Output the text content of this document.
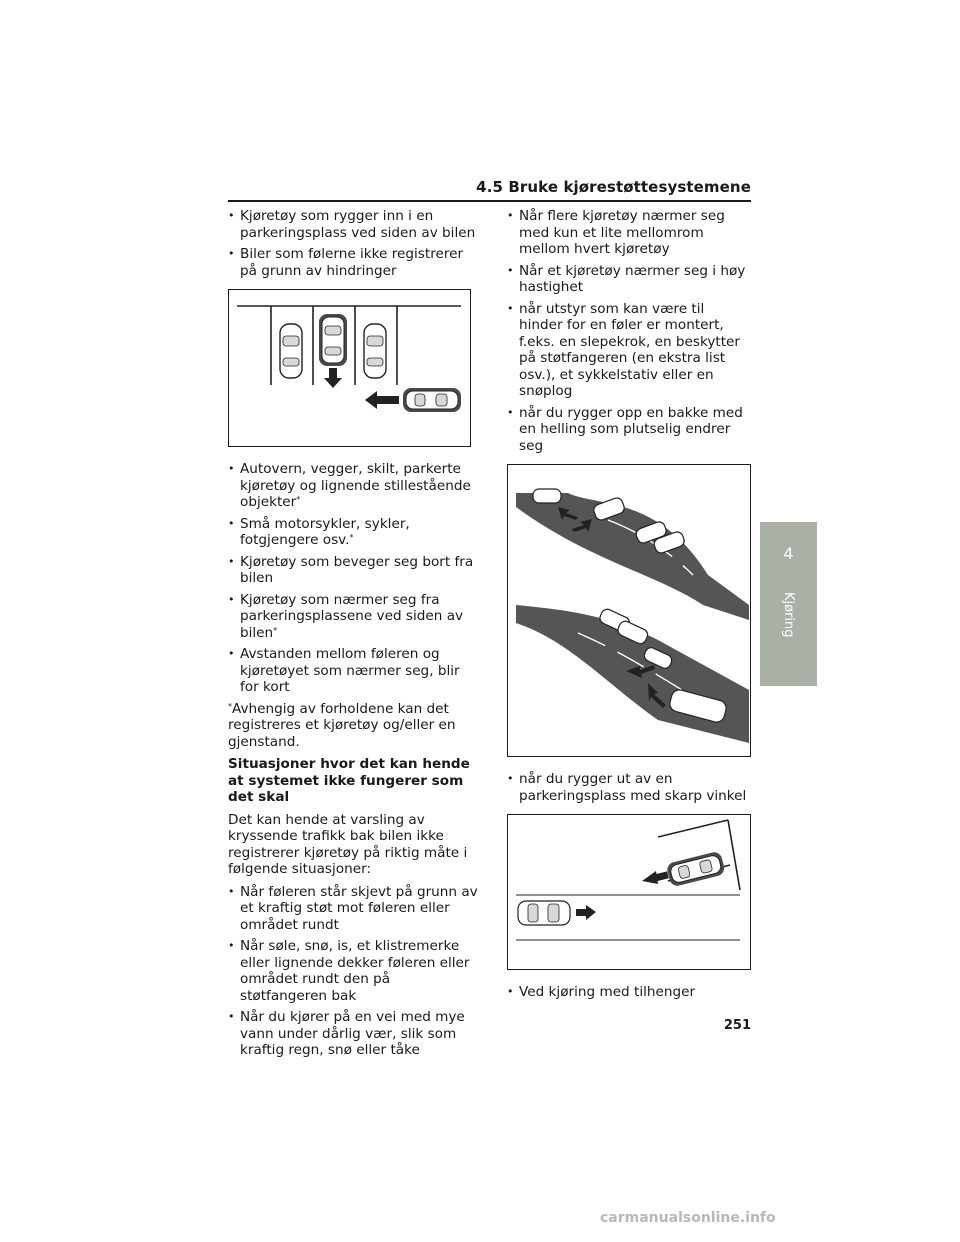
4.5 Bruke kjørestøttesystemene
• Kjøretøy som rygger inn i en parkeringsplass ved siden av bilen
• Biler som følerne ikke registrerer på grunn av hindringer
• Autovern, vegger, skilt, parkerte kjøretøy og lignende stillestående objekter*
• Små motorsykler, sykler, fotgjengere osv.*
• Kjøretøy som beveger seg bort fra bilen
• Kjøretøy som nærmer seg fra parkeringsplassene ved siden av bilen*
• Avstanden mellom føleren og kjøretøyet som nærmer seg, blir for kort

*Avhengig av forholdene kan det registreres et kjøretøy og/eller en gjenstand.

Situasjoner hvor det kan hende at systemet ikke fungerer som det skal

Det kan hende at varsling av kryssende trafikk bak bilen ikke registrerer kjøretøy på riktig måte i følgende situasjoner:

• Når føleren står skjevt på grunn av et kraftig støt mot føleren eller området rundt
• Når søle, snø, is, et klistremerke eller lignende dekker føleren eller området rundt den på støtfangeren bak
• Når du kjører på en vei med mye vann under dårlig vær, slik som kraftig regn, snø eller tåke
• Når flere kjøretøy nærmer seg med kun et lite mellomrom mellom hvert kjøretøy
• Når et kjøretøy nærmer seg i høy hastighet
• når utstyr som kan være til hinder for en føler er montert, f.eks. en slepekrok, en beskytter på støtfangeren (en ekstra list osv.), et sykkelstativ eller en snøplog
• når du rygger opp en bakke med en helling som plutselig endrer seg
• når du rygger ut av en parkeringsplass med skarp vinkel
• Ved kjøring med tilhenger
4
Kjøring
251
carmanualsonline.info
